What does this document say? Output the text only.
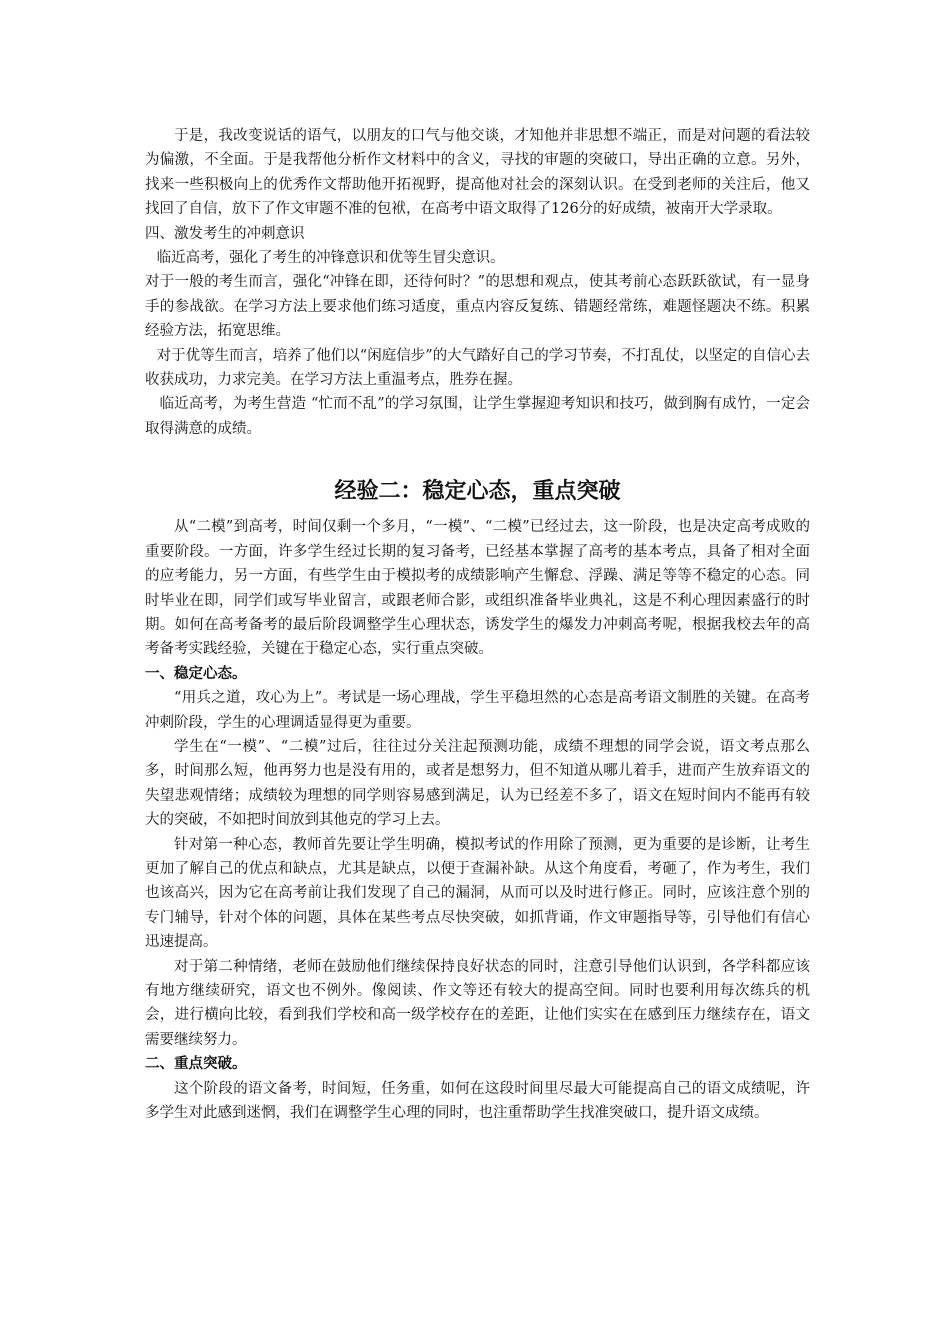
于是，我改变说话的语气，以朋友的口气与他交谈，才知他并非思想不端正，而是对问题的看法较为偏激，不全面。于是我帮他分析作文材料中的含义，寻找的审题的突破口，导出正确的立意。另外，找来一些积极向上的优秀作文帮助他开拓视野，提高他对社会的深刻认识。在受到老师的关注后，他又找回了自信，放下了作文审题不准的包袱，在高考中语文取得了126分的好成绩，被南开大学录取。

四、激发考生的冲刺意识

临近高考，强化了考生的冲锋意识和优等生冒尖意识。

对于一般的考生而言，强化“冲锋在即，还待何时？”的思想和观点，使其考前心态跃跃欲试，有一显身手的参战欲。在学习方法上要求他们练习适度，重点内容反复练、错题经常练，难题怪题决不练。积累经验方法，拓宽思维。

对于优等生而言，培养了他们以“闲庭信步”的大气踏好自己的学习节奏，不打乱仗，以坚定的自信心去收获成功，力求完美。在学习方法上重温考点，胜券在握。

临近高考，为考生营造 “忙而不乱”的学习氛围，让学生掌握迎考知识和技巧，做到胸有成竹，一定会取得满意的成绩。

经验二：稳定心态，重点突破

从“二模”到高考，时间仅剩一个多月，“一模”、“二模”已经过去，这一阶段，也是决定高考成败的重要阶段。一方面，许多学生经过长期的复习备考，已经基本掌握了高考的基本考点，具备了相对全面的应考能力，另一方面，有些学生由于模拟考的成绩影响产生懈怠、浮躁、满足等等不稳定的心态。同时毕业在即，同学们或写毕业留言，或跟老师合影，或组织准备毕业典礼，这是不利心理因素盛行的时期。如何在高考备考的最后阶段调整学生心理状态，诱发学生的爆发力冲刺高考呢，根据我校去年的高考备考实践经验，关键在于稳定心态，实行重点突破。

一、稳定心态。

“用兵之道，攻心为上”。考试是一场心理战，学生平稳坦然的心态是高考语文制胜的关键。在高考冲刺阶段，学生的心理调适显得更为重要。

学生在“一模”、“二模”过后，往往过分关注起预测功能，成绩不理想的同学会说，语文考点那么多，时间那么短，他再努力也是没有用的，或者是想努力，但不知道从哪儿着手，进而产生放弃语文的失望悲观情绪；成绩较为理想的同学则容易感到满足，认为已经差不多了，语文在短时间内不能再有较大的突破，不如把时间放到其他克的学习上去。

针对第一种心态，教师首先要让学生明确，模拟考试的作用除了预测，更为重要的是诊断，让考生更加了解自己的优点和缺点，尤其是缺点，以便于查漏补缺。从这个角度看，考砸了，作为考生，我们也该高兴，因为它在高考前让我们发现了自己的漏洞，从而可以及时进行修正。同时，应该注意个别的专门辅导，针对个体的问题，具体在某些考点尽快突破，如抓背诵，作文审题指导等，引导他们有信心迅速提高。

对于第二种情绪，老师在鼓励他们继续保持良好状态的同时，注意引导他们认识到，各学科都应该有地方继续研究，语文也不例外。像阅读、作文等还有较大的提高空间。同时也要利用每次练兵的机会，进行横向比较，看到我们学校和高一级学校存在的差距，让他们实实在在感到压力继续存在，语文需要继续努力。

二、重点突破。

这个阶段的语文备考，时间短，任务重，如何在这段时间里尽最大可能提高自己的语文成绩呢，许多学生对此感到迷惘，我们在调整学生心理的同时，也注重帮助学生找准突破口，提升语文成绩。
